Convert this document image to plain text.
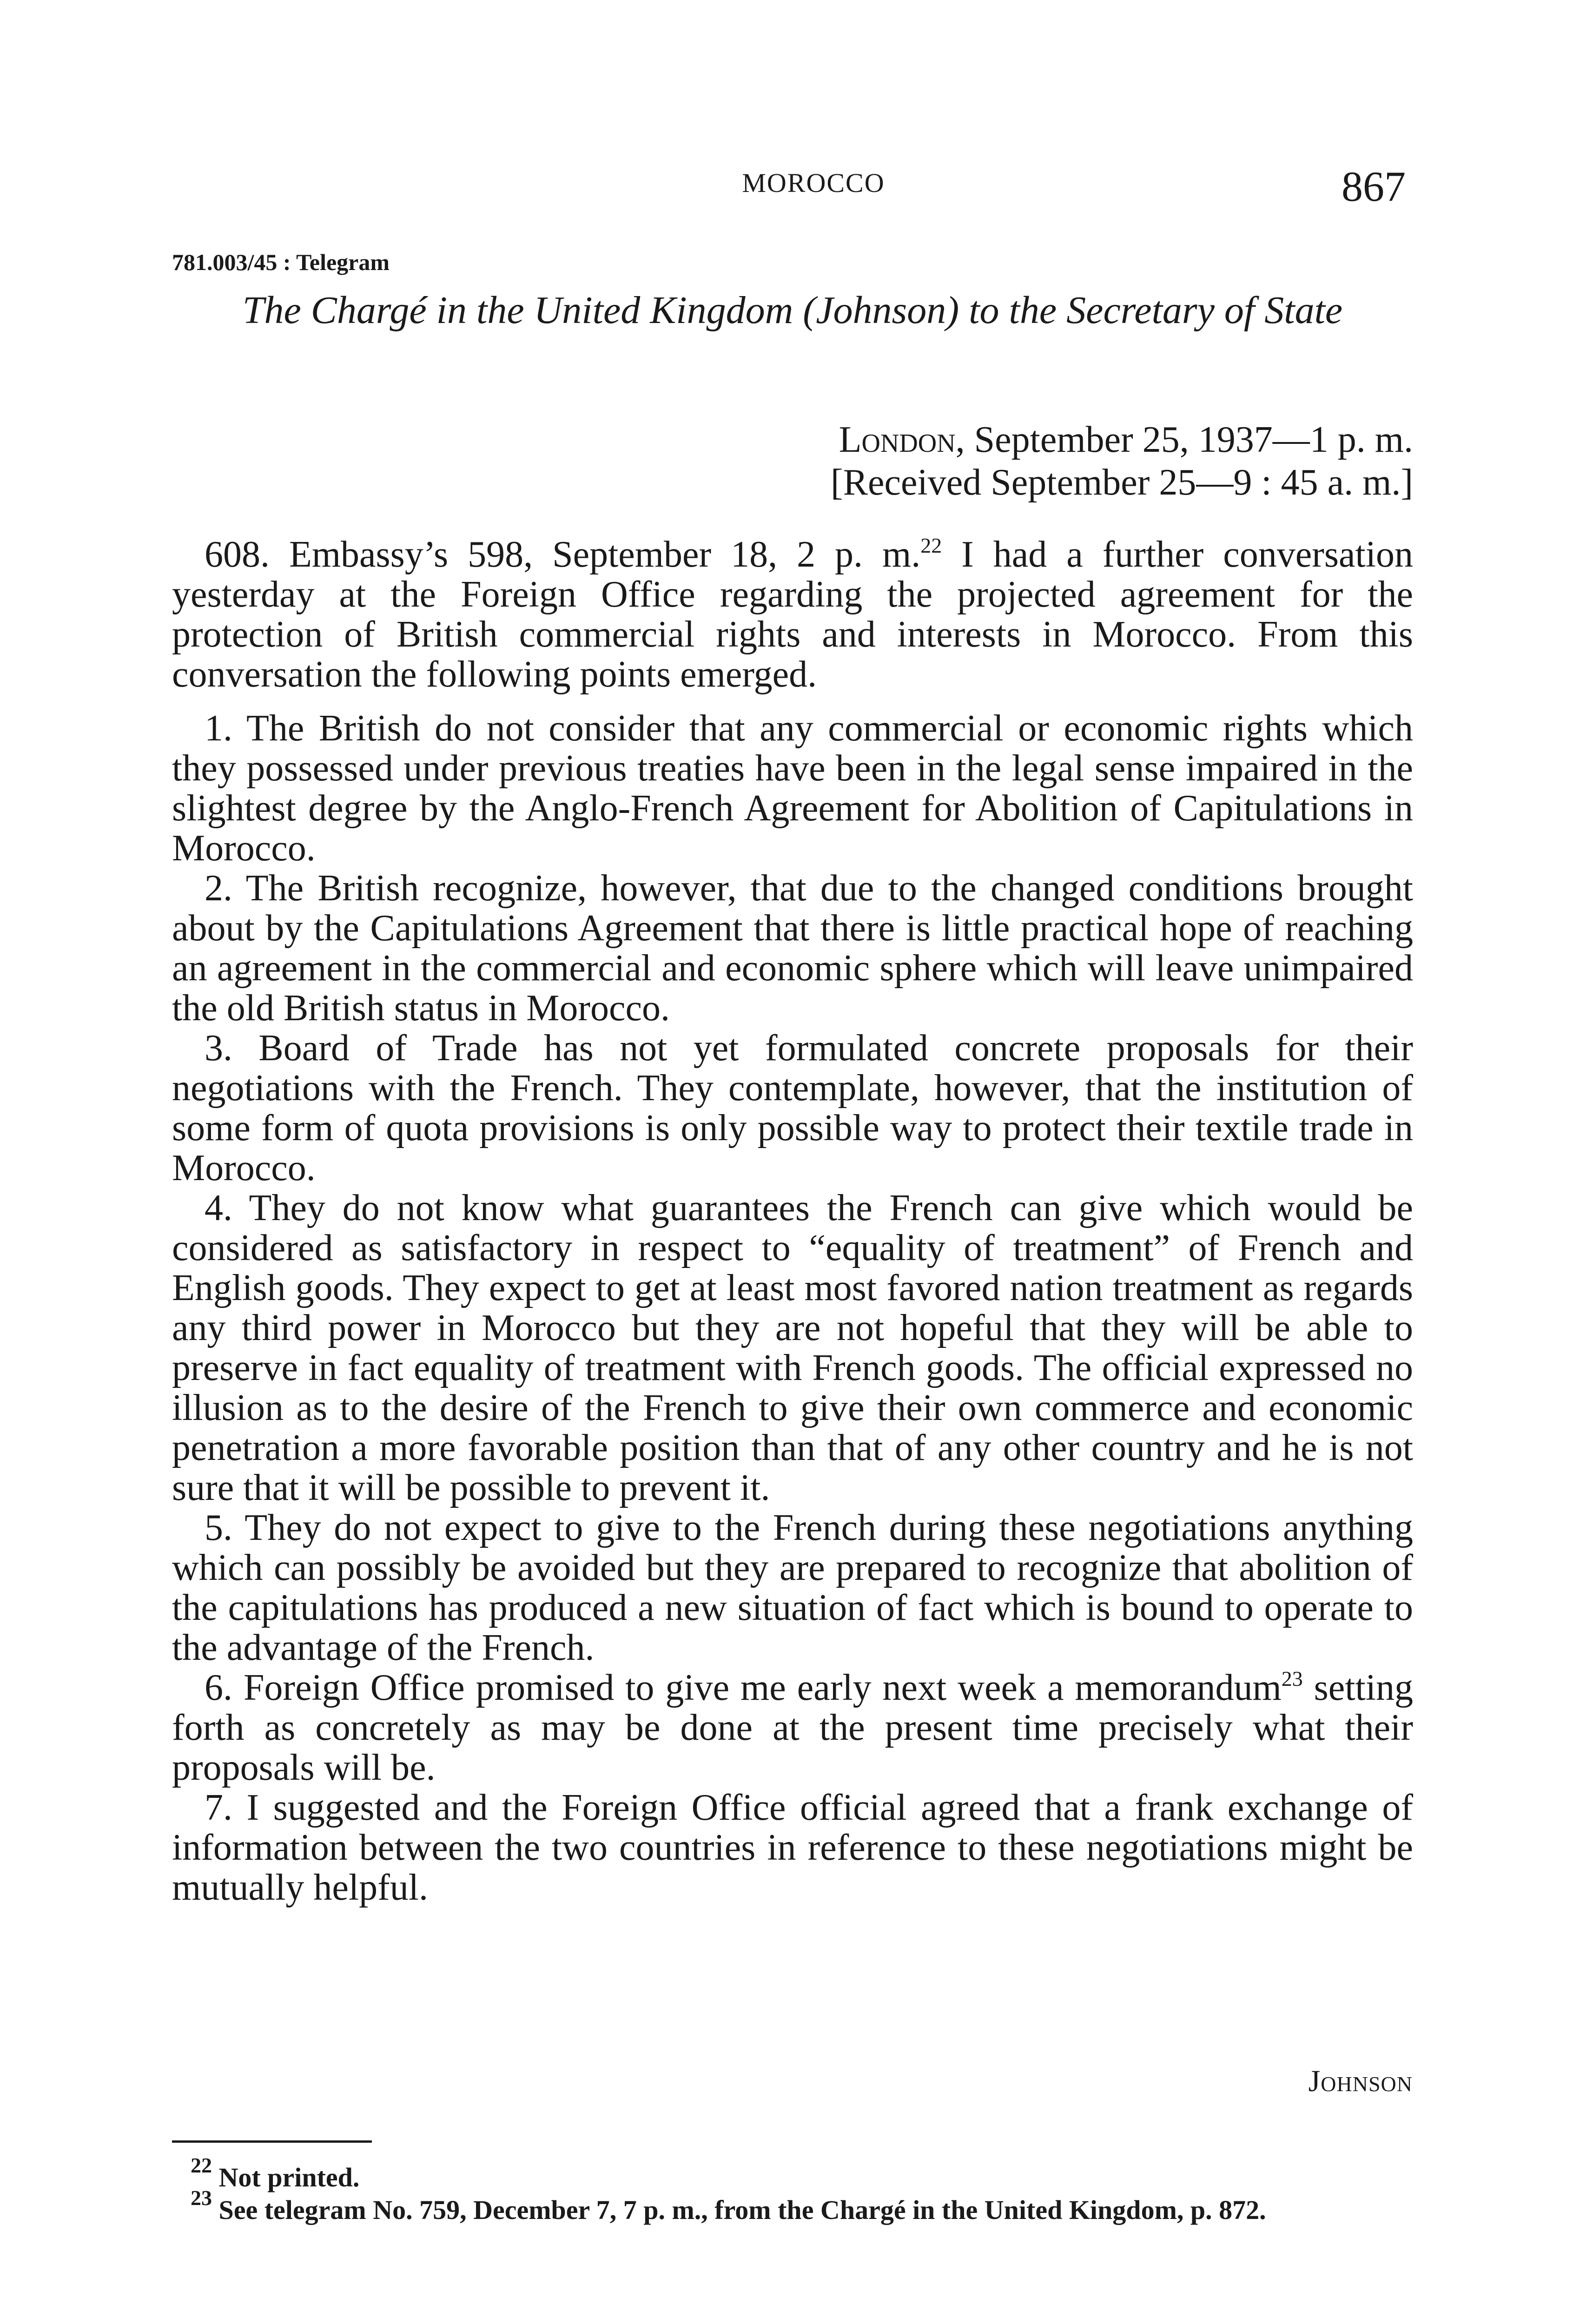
MOROCCO	867
781.003/45 : Telegram
The Chargé in the United Kingdom (Johnson) to the Secretary of State
London, September 25, 1937—1 p. m.
[Received September 25—9 : 45 a. m.]

608. Embassy’s 598, September 18, 2 p. m.$^{22}$ I had a further conversation yesterday at the Foreign Office regarding the projected agreement for the protection of British commercial rights and interests in Morocco. From this conversation the following points emerged.

1. The British do not consider that any commercial or economic rights which they possessed under previous treaties have been in the legal sense impaired in the slightest degree by the Anglo-French Agreement for Abolition of Capitulations in Morocco.

2. The British recognize, however, that due to the changed conditions brought about by the Capitulations Agreement that there is little practical hope of reaching an agreement in the commercial and economic sphere which will leave unimpaired the old British status in Morocco.

3. Board of Trade has not yet formulated concrete proposals for their negotiations with the French. They contemplate, however, that the institution of some form of quota provisions is only possible way to protect their textile trade in Morocco.

4. They do not know what guarantees the French can give which would be considered as satisfactory in respect to “equality of treatment” of French and English goods. They expect to get at least most favored nation treatment as regards any third power in Morocco but they are not hopeful that they will be able to preserve in fact equality of treatment with French goods. The official expressed no illusion as to the desire of the French to give their own commerce and economic penetration a more favorable position than that of any other country and he is not sure that it will be possible to prevent it.

5. They do not expect to give to the French during these negotiations anything which can possibly be avoided but they are prepared to recognize that abolition of the capitulations has produced a new situation of fact which is bound to operate to the advantage of the French.

6. Foreign Office promised to give me early next week a memorandum$^{23}$ setting forth as concretely as may be done at the present time precisely what their proposals will be.

7. I suggested and the Foreign Office official agreed that a frank exchange of information between the two countries in reference to these negotiations might be mutually helpful.

Johnson

$^{22}$ Not printed.

$^{23}$ See telegram No. 759, December 7, 7 p. m., from the Chargé in the United Kingdom, p. 872.
